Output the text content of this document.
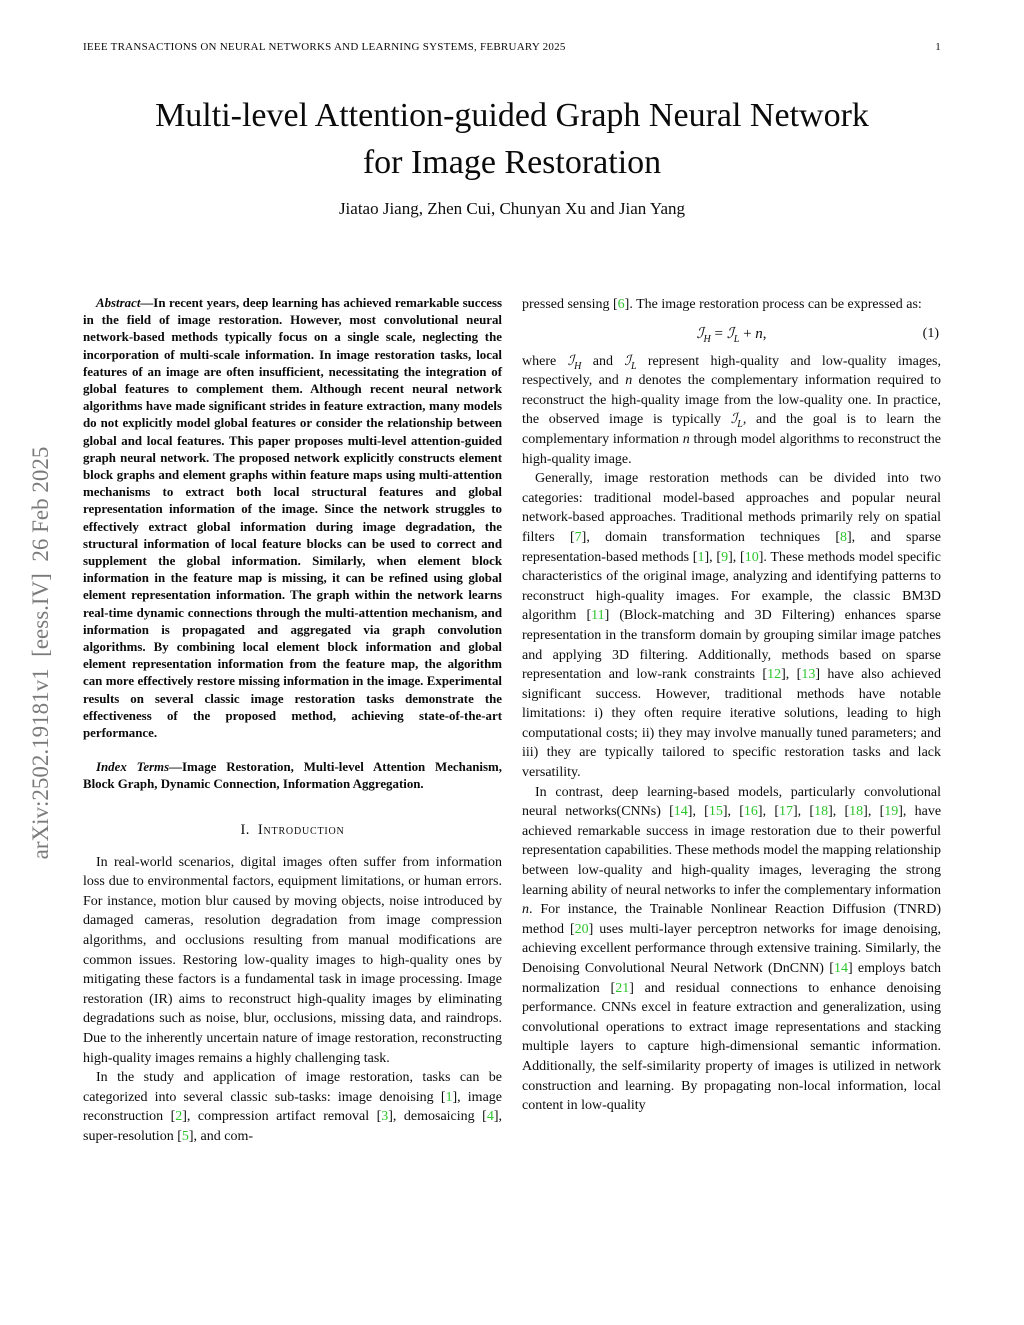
IEEE TRANSACTIONS ON NEURAL NETWORKS AND LEARNING SYSTEMS, FEBRUARY 2025	1
arXiv:2502.19181v1  [eess.IV]  26 Feb 2025
Multi-level Attention-guided Graph Neural Network
for Image Restoration
Jiatao Jiang, Zhen Cui, Chunyan Xu and Jian Yang

Abstract—In recent years, deep learning has achieved remarkable success in the field of image restoration. However, most convolutional neural network-based methods typically focus on a single scale, neglecting the incorporation of multi-scale information. In image restoration tasks, local features of an image are often insufficient, necessitating the integration of global features to complement them. Although recent neural network algorithms have made significant strides in feature extraction, many models do not explicitly model global features or consider the relationship between global and local features. This paper proposes multi-level attention-guided graph neural network. The proposed network explicitly constructs element block graphs and element graphs within feature maps using multi-attention mechanisms to extract both local structural features and global representation information of the image. Since the network struggles to effectively extract global information during image degradation, the structural information of local feature blocks can be used to correct and supplement the global information. Similarly, when element block information in the feature map is missing, it can be refined using global element representation information. The graph within the network learns real-time dynamic connections through the multi-attention mechanism, and information is propagated and aggregated via graph convolution algorithms. By combining local element block information and global element representation information from the feature map, the algorithm can more effectively restore missing information in the image. Experimental results on several classic image restoration tasks demonstrate the effectiveness of the proposed method, achieving state-of-the-art performance.

Index Terms—Image Restoration, Multi-level Attention Mechanism, Block Graph, Dynamic Connection, Information Aggregation.

I. Introduction

In real-world scenarios, digital images often suffer from information loss due to environmental factors, equipment limitations, or human errors. For instance, motion blur caused by moving objects, noise introduced by damaged cameras, resolution degradation from image compression algorithms, and occlusions resulting from manual modifications are common issues. Restoring low-quality images to high-quality ones by mitigating these factors is a fundamental task in image processing. Image restoration (IR) aims to reconstruct high-quality images by eliminating degradations such as noise, blur, occlusions, missing data, and raindrops. Due to the inherently uncertain nature of image restoration, reconstructing high-quality images remains a highly challenging task.

In the study and application of image restoration, tasks can be categorized into several classic sub-tasks: image denoising [1], image reconstruction [2], compression artifact removal [3], demosaicing [4], super-resolution [5], and com-

pressed sensing [6]. The image restoration process can be expressed as:

ℐ$_H$ = ℐ$_L$ + n,	(1)

where ℐ$_H$ and ℐ$_L$ represent high-quality and low-quality images, respectively, and n denotes the complementary information required to reconstruct the high-quality image from the low-quality one. In practice, the observed image is typically ℐ$_L$, and the goal is to learn the complementary information n through model algorithms to reconstruct the high-quality image.

Generally, image restoration methods can be divided into two categories: traditional model-based approaches and popular neural network-based approaches. Traditional methods primarily rely on spatial filters [7], domain transformation techniques [8], and sparse representation-based methods [1], [9], [10]. These methods model specific characteristics of the original image, analyzing and identifying patterns to reconstruct high-quality images. For example, the classic BM3D algorithm [11] (Block-matching and 3D Filtering) enhances sparse representation in the transform domain by grouping similar image patches and applying 3D filtering. Additionally, methods based on sparse representation and low-rank constraints [12], [13] have also achieved significant success. However, traditional methods have notable limitations: i) they often require iterative solutions, leading to high computational costs; ii) they may involve manually tuned parameters; and iii) they are typically tailored to specific restoration tasks and lack versatility.

In contrast, deep learning-based models, particularly convolutional neural networks(CNNs) [14], [15], [16], [17], [18], [18], [19], have achieved remarkable success in image restoration due to their powerful representation capabilities. These methods model the mapping relationship between low-quality and high-quality images, leveraging the strong learning ability of neural networks to infer the complementary information n. For instance, the Trainable Nonlinear Reaction Diffusion (TNRD) method [20] uses multi-layer perceptron networks for image denoising, achieving excellent performance through extensive training. Similarly, the Denoising Convolutional Neural Network (DnCNN) [14] employs batch normalization [21] and residual connections to enhance denoising performance. CNNs excel in feature extraction and generalization, using convolutional operations to extract image representations and stacking multiple layers to capture high-dimensional semantic information. Additionally, the self-similarity property of images is utilized in network construction and learning. By propagating non-local information, local content in low-quality
